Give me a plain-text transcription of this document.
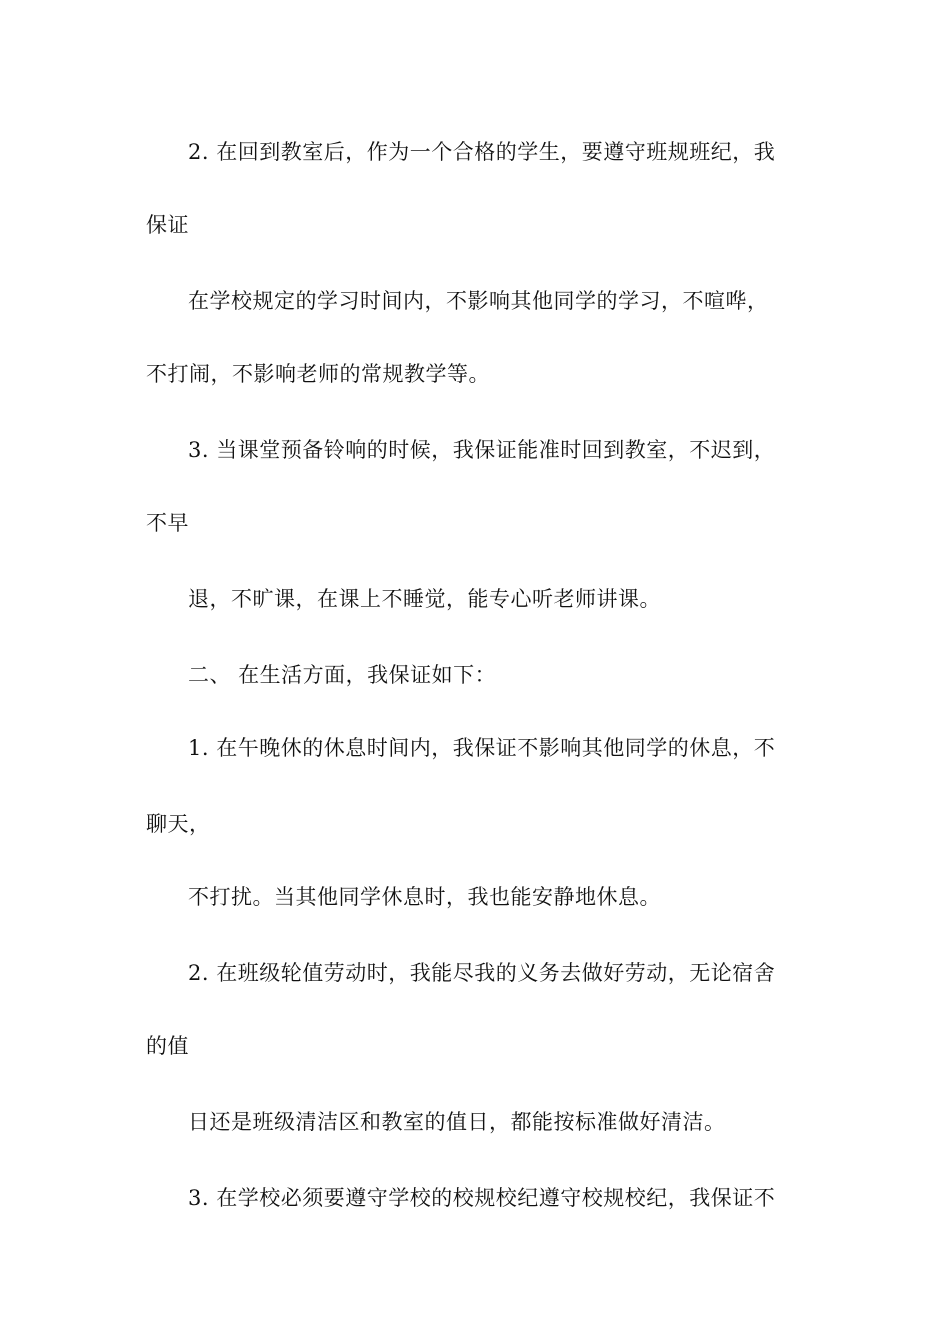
2. 在回到教室后，作为一个合格的学生，要遵守班规班纪，我
保证
在学校规定的学习时间内，不影响其他同学的学习，不喧哗，
不打闹，不影响老师的常规教学等。
3. 当课堂预备铃响的时候，我保证能准时回到教室，不迟到，
不早
退，不旷课，在课上不睡觉，能专心听老师讲课。
二、 在生活方面，我保证如下：
1. 在午晚休的休息时间内，我保证不影响其他同学的休息，不
聊天，
不打扰。当其他同学休息时，我也能安静地休息。
2. 在班级轮值劳动时，我能尽我的义务去做好劳动，无论宿舍
的值
日还是班级清洁区和教室的值日，都能按标准做好清洁。
3. 在学校必须要遵守学校的校规校纪遵守校规校纪，我保证不
